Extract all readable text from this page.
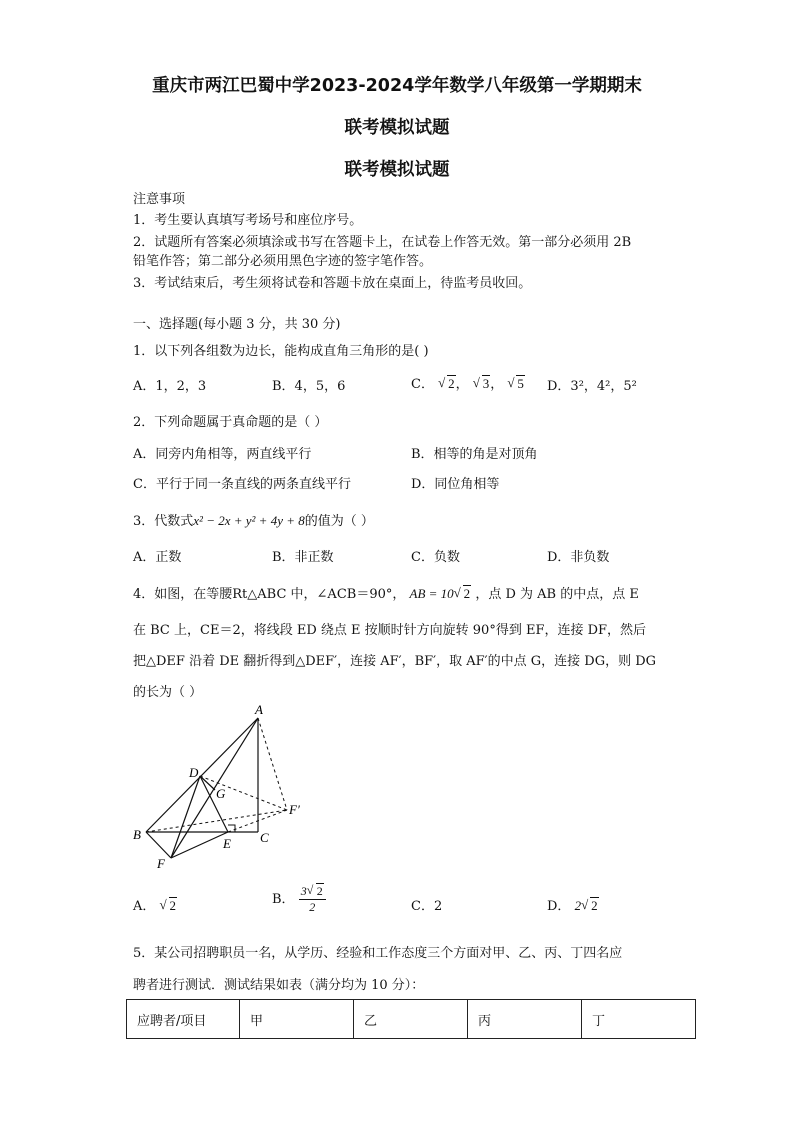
重庆市两江巴蜀中学2023-2024学年数学八年级第一学期期末
联考模拟试题
联考模拟试题
注意事项
1．考生要认真填写考场号和座位序号。
2．试题所有答案必须填涂或书写在答题卡上，在试卷上作答无效。第一部分必须用 2B
铅笔作答；第二部分必须用黑色字迹的签字笔作答。
3．考试结束后，考生须将试卷和答题卡放在桌面上，待监考员收回。
一、选择题(每小题 3 分，共 30 分)
1．以下列各组数为边长，能构成直角三角形的是( )
A．1，2，3	B．4，5，6	C． √ 2， √ 3， √ 5 D．3²，4²，5²
2．下列命题属于真命题的是（ ）
A．同旁内角相等，两直线平行	B．相等的角是对顶角
C．平行于同一条直线的两条直线平行	D．同位角相等
3．代数式x² − 2x + y² + 4y + 8的值为（ ）
A．正数	B．非正数	C．负数	D．非负数
4．如图，在等腰Rt△ABC 中，∠ACB＝90°， AB = 10 √ 2 ，点 D 为 AB 的中点，点 E
在 BC 上，CE＝2，将线段 ED 绕点 E 按顺时针方向旋转 90°得到 EF，连接 DF，然后
把△DEF 沿着 DE 翻折得到△DEF′，连接 AF′，BF′，取 AF′的中点 G，连接 DG，则 DG
的长为（ ）
A
B	C
D
E
F
F′
G
A． √ 2	B． $\frac{3 √ 2}{2}$	C．2	D． 2 √ 2
5．某公司招聘职员一名，从学历、经验和工作态度三个方面对甲、乙、丙、丁四名应
聘者进行测试．测试结果如表（满分均为 10 分）：
应聘者/项目	甲	乙	丙	丁
